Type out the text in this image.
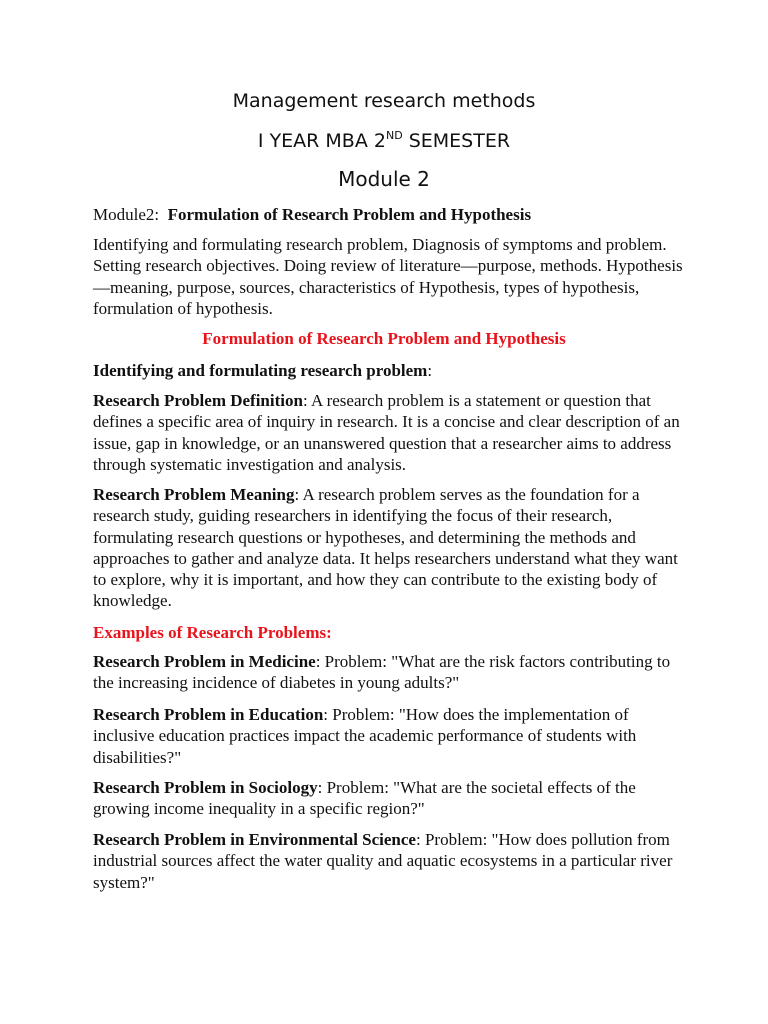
Management research methods
I YEAR MBA 2ND SEMESTER
Module 2

Module2:  Formulation of Research Problem and Hypothesis

Identifying and formulating research problem, Diagnosis of symptoms and problem. Setting research objectives. Doing review of literature—purpose, methods. Hypothesis—meaning, purpose, sources, characteristics of Hypothesis, types of hypothesis, formulation of hypothesis.

Formulation of Research Problem and Hypothesis

Identifying and formulating research problem:

Research Problem Definition: A research problem is a statement or question that defines a specific area of inquiry in research. It is a concise and clear description of an issue, gap in knowledge, or an unanswered question that a researcher aims to address through systematic investigation and analysis.

Research Problem Meaning: A research problem serves as the foundation for a research study, guiding researchers in identifying the focus of their research, formulating research questions or hypotheses, and determining the methods and approaches to gather and analyze data. It helps researchers understand what they want to explore, why it is important, and how they can contribute to the existing body of knowledge.

Examples of Research Problems:

Research Problem in Medicine: Problem: "What are the risk factors contributing to the increasing incidence of diabetes in young adults?"

Research Problem in Education: Problem: "How does the implementation of inclusive education practices impact the academic performance of students with disabilities?"

Research Problem in Sociology: Problem: "What are the societal effects of the growing income inequality in a specific region?"

Research Problem in Environmental Science: Problem: "How does pollution from industrial sources affect the water quality and aquatic ecosystems in a particular river system?"
